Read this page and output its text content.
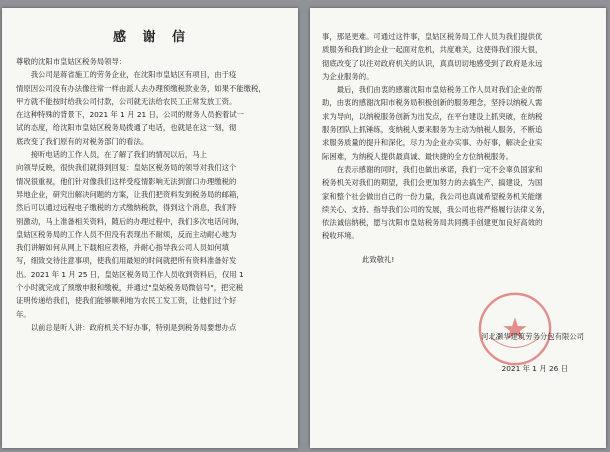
感 谢 信
尊敬的沈阳市皇姑区税务局领导：
　　我公司是蒋省施工的劳务企业，在沈阳市皇姑区有项目，由于疫
情原因公司没有办法像往常一样由派人去办理预缴税款业务，如果不能缴税，
甲方就不能按时给我公司付款，公司就无法给农民工正常发放工资。
在这种特殊的背景下，2021 年 1 月 21 日，公司的财务人员抱着试一
试的态度，给沈阳市皇姑区税务局拨通了电话，也就是在这一刻，彻
底改变了我们原有的对税务部门的看法。
　　接听电话的工作人员，在了解了我们的情况以后，马上
向领导反映，很快我们就得到回复：皇姑区税务局的领导对我们这个
情况很重视，他们针对像我们这样受疫情影响无法到窗口办理缴税的
异地企业，研究出解决问题的方案，让我们把资料发到税务局的邮箱，
然后可以通过远程电子缴税的方式缴纳税款，得到这个消息，我们特
别激动，马上准备相关资料，随后的办理过程中，我们多次电话问询，
皇姑区税务局的工作人员不但没有表现出不耐烦，反而主动耐心地为
我们讲解如何从网上下载相应表格，并耐心指导我公司人员如何填
写，细致交待注意事项，使我们用最短的时间就把所有资料准备好发
出。2021 年 1 月 25 日，皇姑区税务局工作人员收到资料后，仅用 1
个小时就完成了预缴申报和缴税，并通过"皇姑税务局微信号"，把完税
证明传递给我们，使我们能够顺利地为农民工发工资，让他们过个好
年。
　　以前总是听人讲：政府机关不好办事，特别是到税务局要想办点
事，那是更难。可通过这件事，皇姑区税务局工作人员为我们提供优
质服务和我们的企业一起面对危机，共度难关，这使得我们很大很，
彻底改变了以往对政府机关的认识，真真切切地感受到了政府是永远
为企业服务的。
　　最后，我们由衷的感谢沈阳市皇姑税务工作人员对我们企业的帮
助，由衷的感谢沈阳市税务局积极创新的服务理念，坚持以纳税人需
求为导向，以纳税服务创新为出发点，在平台建设上抓突破，在纳税
服务团队上抓锤练，变纳税人要来服务为主动为纳税人服务，不断追
求服务质量的提升和深化，尽力为企业办实事、办好事，解决企业实
际困难，为纳税人提供最真诚、最快捷的全方位纳税服务。
　　在表示感谢的同时，我们也做出承诺，我们一定不会辜负国家和
税务机关对我们的期望，我们会更加努力的去搞生产、搞建设，为国
家和整个社会做出自己的一份力量，我公司也真诚希望税务机关能继
续关心、支持、指导我们公司的发展，我公司也将严格履行法律义务，
依法诚信纳税，愿与沈阳市皇姑税务局共同携手创建更加良好高效的
税收环境。
此致敬礼!
河北灏华建筑劳务分包有限公司
2021 年 1 月 26 日
